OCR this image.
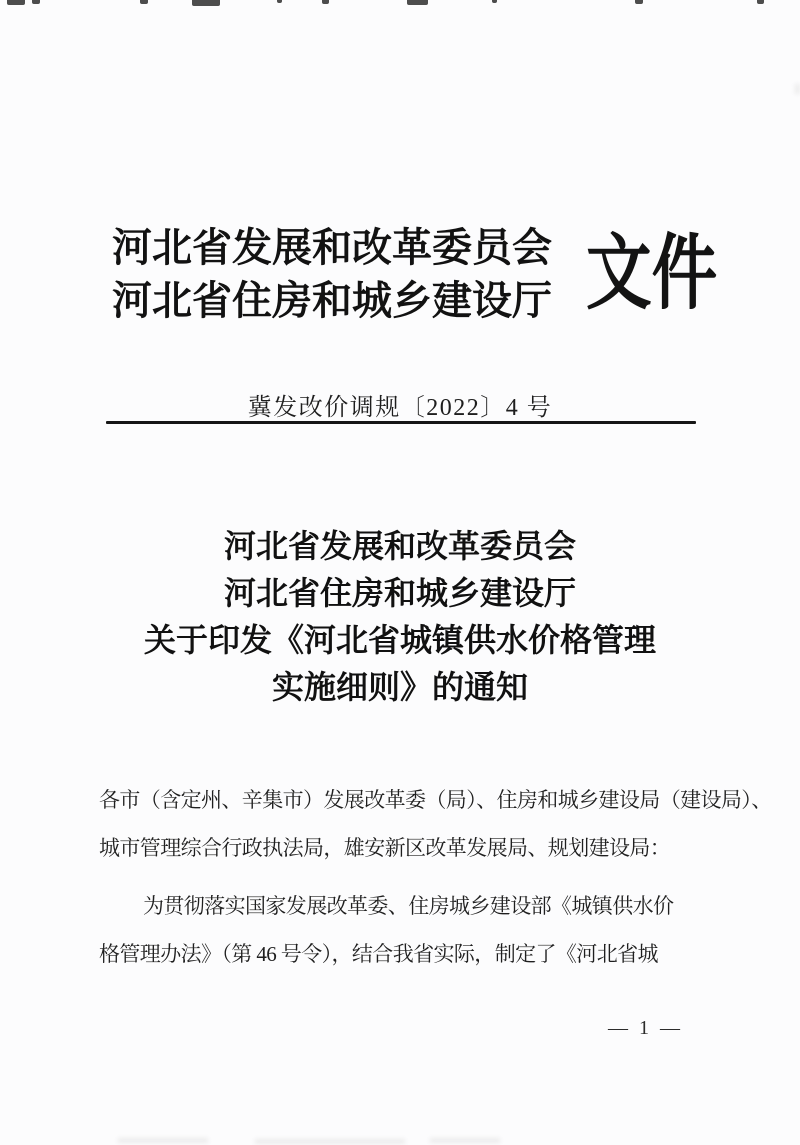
河北省发展和改革委员会
河北省住房和城乡建设厅 文件
冀发改价调规〔2022〕4 号
河北省发展和改革委员会
河北省住房和城乡建设厅
关于印发《河北省城镇供水价格管理
实施细则》的通知
各市（含定州、辛集市）发展改革委（局）、住房和城乡建设局（建设局）、
城市管理综合行政执法局，雄安新区改革发展局、规划建设局：
为贯彻落实国家发展改革委、住房城乡建设部《城镇供水价
格管理办法》（第 46 号令），结合我省实际，制定了《河北省城
— 1 —
